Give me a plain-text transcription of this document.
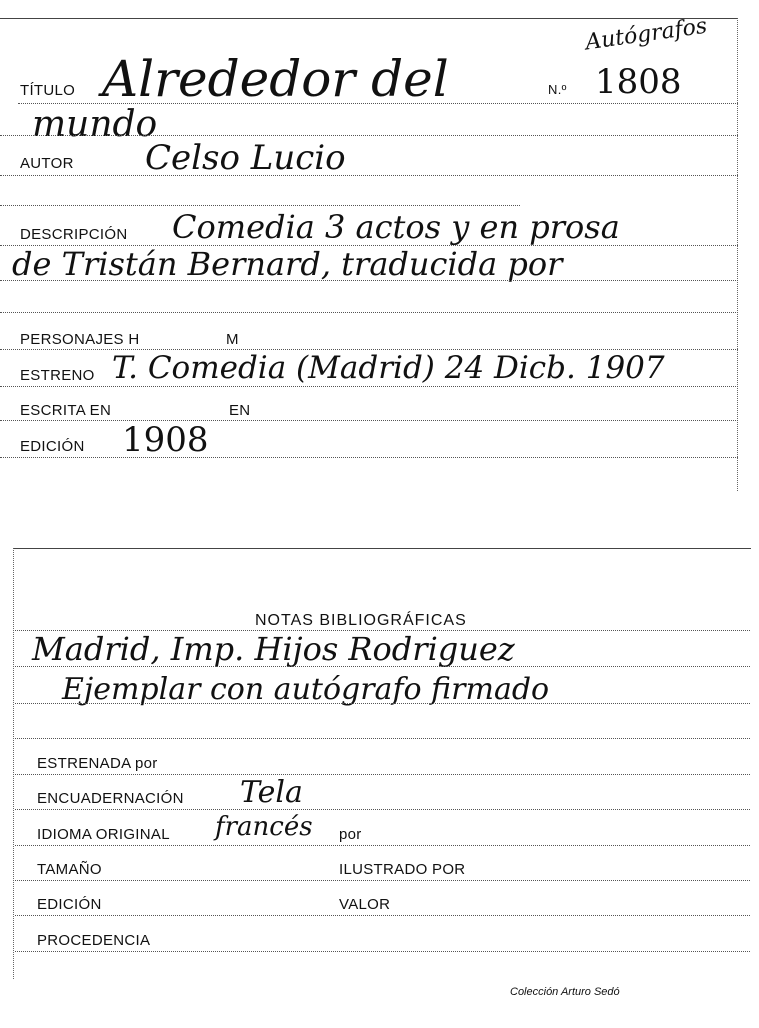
Autógrafos
TÍTULO Alrededor del	N.º 1808
mundo
AUTOR Celso Lucio
DESCRIPCIÓN Comedia 3 actos y en prosa
de Tristán Bernard, traducida por
PERSONAJES H	M
ESTRENO T. Comedia (Madrid) 24 Dicb. 1907
ESCRITA EN	EN
EDICIÓN 1908
NOTAS BIBLIOGRÁFICAS
Madrid, Imp. Hijos Rodriguez
Ejemplar con autógrafo firmado
ESTRENADA por
ENCUADERNACIÓN Tela
IDIOMA ORIGINAL francés por
TAMAÑO	ILUSTRADO POR
EDICIÓN	VALOR
PROCEDENCIA
Colección Arturo Sedó
